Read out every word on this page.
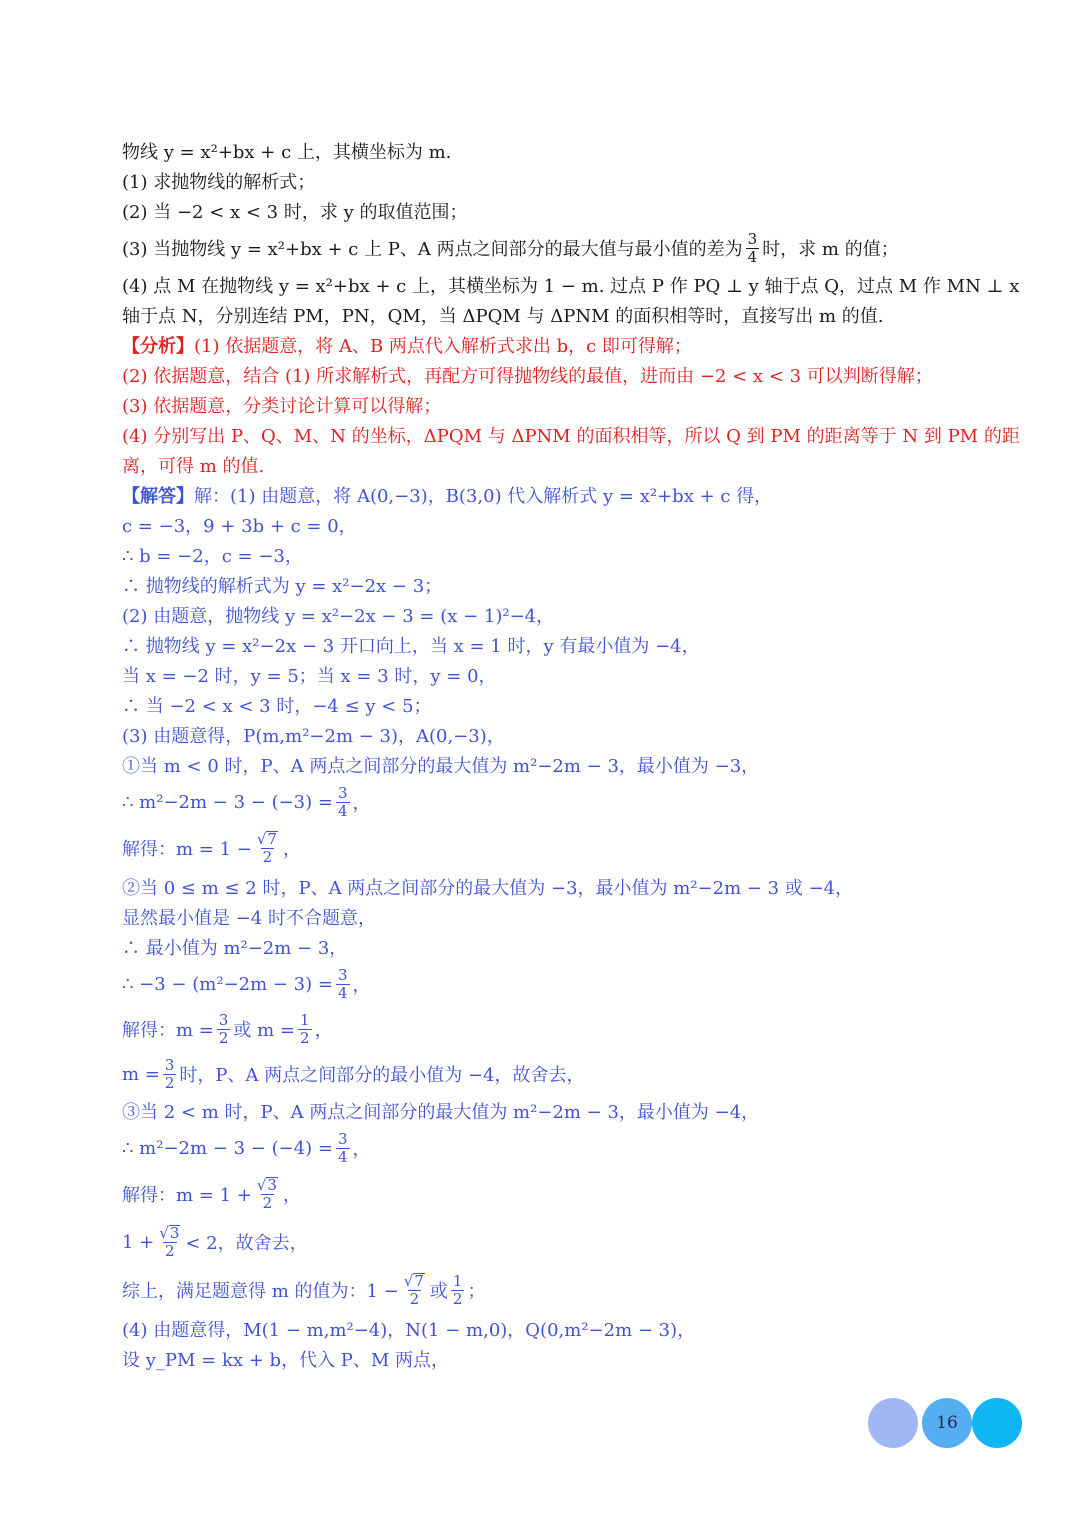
物线 y = x²+bx + c 上，其横坐标为 m.

(1) 求抛物线的解析式；

(2) 当 −2 < x < 3 时，求 y 的取值范围；

(3) 当抛物线 y = x²+bx + c 上 P、A 两点之间部分的最大值与最小值的差为 $\frac{3}{4}$ 时，求 m 的值；

(4) 点 M 在抛物线 y = x²+bx + c 上，其横坐标为 1 − m. 过点 P 作 PQ ⊥ y 轴于点 Q，过点 M 作 MN ⊥ x

轴于点 N，分别连结 PM，PN，QM，当 ΔPQM 与 ΔPNM 的面积相等时，直接写出 m 的值.

【分析】 (1) 依据题意，将 A、B 两点代入解析式求出 b，c 即可得解；

(2) 依据题意，结合 (1) 所求解析式，再配方可得抛物线的最值，进而由 −2 < x < 3 可以判断得解；

(3) 依据题意，分类讨论计算可以得解；

(4) 分别写出 P、Q、M、N 的坐标，ΔPQM 与 ΔPNM 的面积相等，所以 Q 到 PM 的距离等于 N 到 PM 的距

离，可得 m 的值.

【解答】 解：(1) 由题意，将 A(0,−3)，B(3,0) 代入解析式 y = x²+bx + c 得，

c = −3，9 + 3b + c = 0，

∴ b = −2，c = −3，

∴ 抛物线的解析式为 y = x²−2x − 3；

(2) 由题意，抛物线 y = x²−2x − 3 = (x − 1)²−4，

∴ 抛物线 y = x²−2x − 3 开口向上，当 x = 1 时，y 有最小值为 −4，

当 x = −2 时，y = 5；当 x = 3 时，y = 0，

∴ 当 −2 < x < 3 时，−4 ≤ y < 5；

(3) 由题意得，P(m,m²−2m − 3)，A(0,−3)，

①当 m < 0 时，P、A 两点之间部分的最大值为 m²−2m − 3，最小值为 −3，

∴ $m^2-2m - 3 - (-3) = \frac{3}{4}$ ，

解得：$m = 1 - \frac{√ 7}{2}$ ，

②当 0 ≤ m ≤ 2 时，P、A 两点之间部分的最大值为 −3，最小值为 m²−2m − 3 或 −4，

显然最小值是 −4 时不合题意，

∴ 最小值为 m²−2m − 3，

∴ $-3 - (m^2-2m - 3) = \frac{3}{4}$ ，

解得：$m = \frac{3}{2}$ 或 $m = \frac{1}{2}$ ，

$m = \frac{3}{2}$ 时，P、A 两点之间部分的最小值为 −4，故舍去，

③当 2 < m 时，P、A 两点之间部分的最大值为 m²−2m − 3，最小值为 −4，

∴ $m^2-2m - 3 - (-4) = \frac{3}{4}$ ，

解得：$m = 1 + \frac{√ 3}{2}$ ，

$1 + \frac{√ 3}{2} < 2$，故舍去，

综上，满足题意得 m 的值为：$1 - \frac{√ 7}{2}$ 或 $\frac{1}{2}$ ；

(4) 由题意得，M(1 − m,m²−4)，N(1 − m,0)，Q(0,m²−2m − 3)，

设 y_PM = kx + b，代入 P、M 两点，

16
